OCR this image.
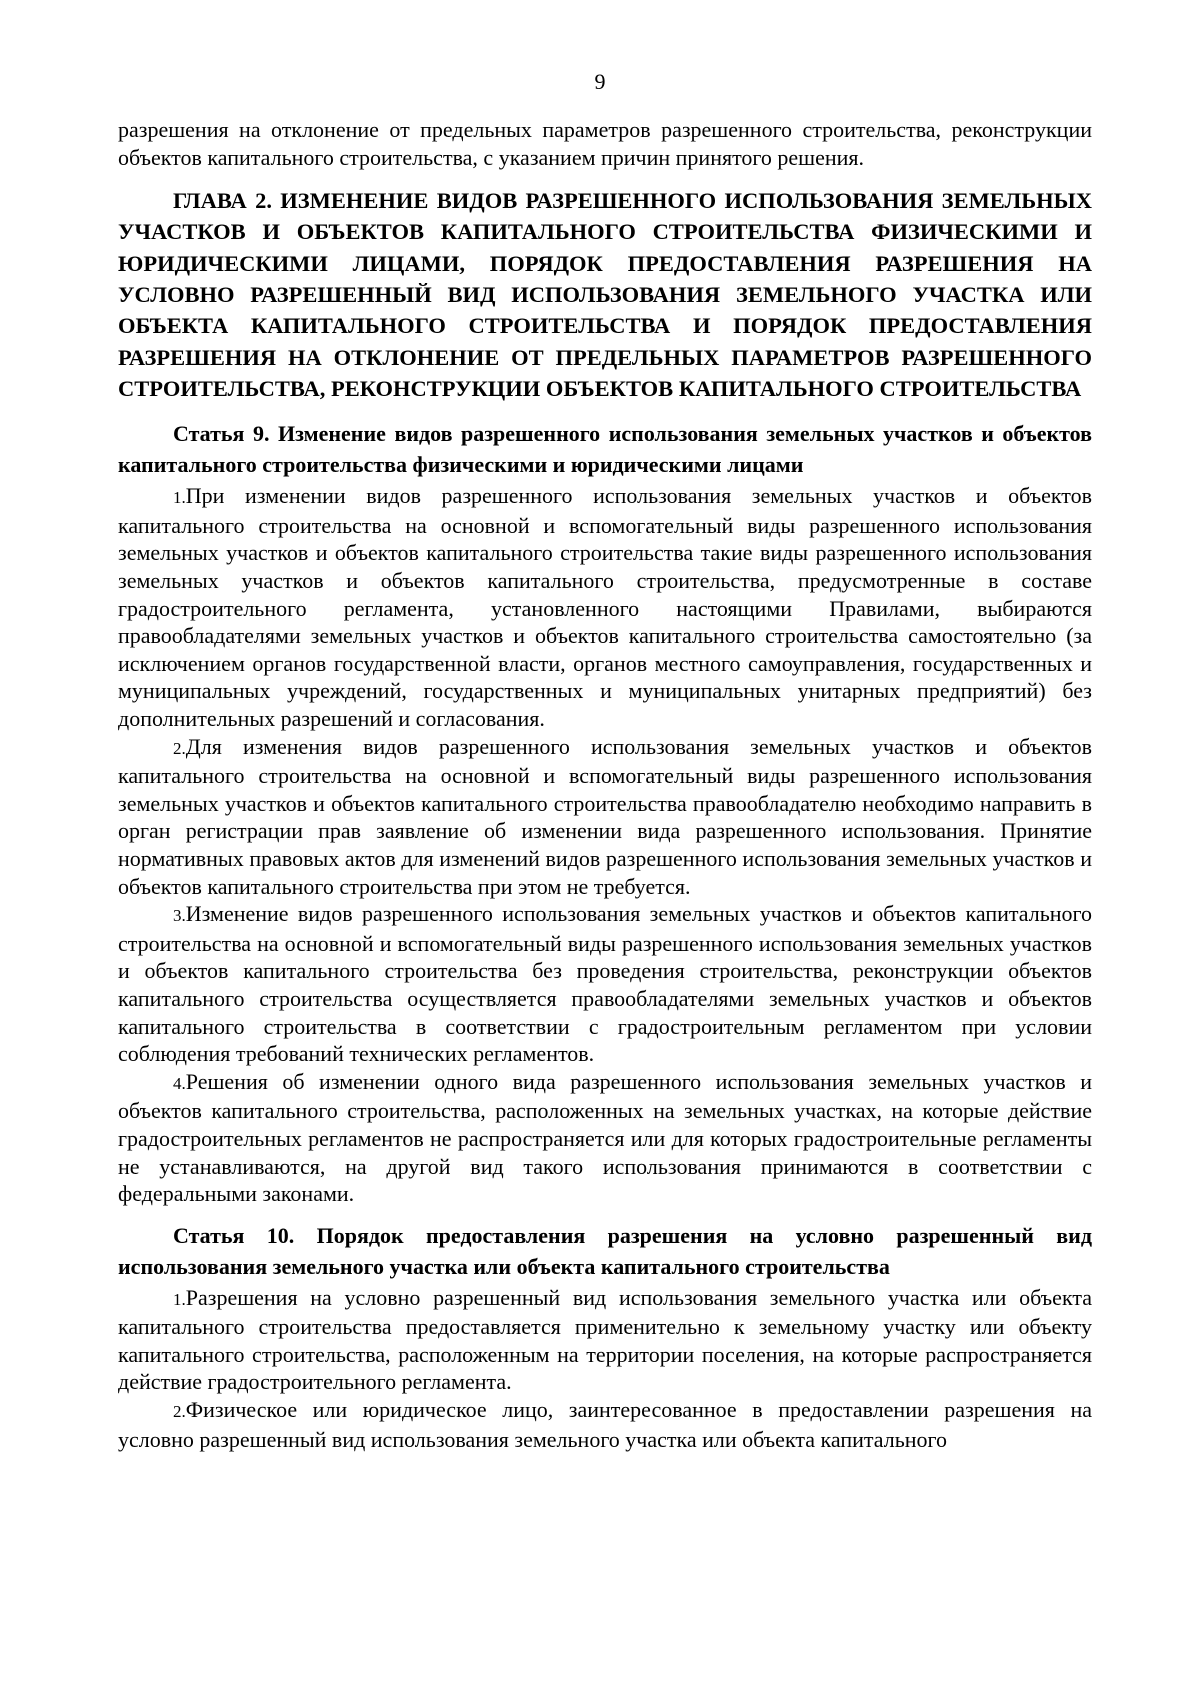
9

разрешения на отклонение от предельных параметров разрешенного строительства, реконструкции объектов капитального строительства, с указанием причин принятого решения.

ГЛАВА 2. ИЗМЕНЕНИЕ ВИДОВ РАЗРЕШЕННОГО ИСПОЛЬЗОВАНИЯ ЗЕМЕЛЬНЫХ УЧАСТКОВ И ОБЪЕКТОВ КАПИТАЛЬНОГО СТРОИТЕЛЬСТВА ФИЗИЧЕСКИМИ И ЮРИДИЧЕСКИМИ ЛИЦАМИ, ПОРЯДОК ПРЕДОСТАВЛЕНИЯ РАЗРЕШЕНИЯ НА УСЛОВНО РАЗРЕШЕННЫЙ ВИД ИСПОЛЬЗОВАНИЯ ЗЕМЕЛЬНОГО УЧАСТКА ИЛИ ОБЪЕКТА КАПИТАЛЬНОГО СТРОИТЕЛЬСТВА И ПОРЯДОК ПРЕДОСТАВЛЕНИЯ РАЗРЕШЕНИЯ НА ОТКЛОНЕНИЕ ОТ ПРЕДЕЛЬНЫХ ПАРАМЕТРОВ РАЗРЕШЕННОГО СТРОИТЕЛЬСТВА, РЕКОНСТРУКЦИИ ОБЪЕКТОВ КАПИТАЛЬНОГО СТРОИТЕЛЬСТВА

Статья 9. Изменение видов разрешенного использования земельных участков и объектов капитального строительства физическими и юридическими лицами

1.При изменении видов разрешенного использования земельных участков и объектов капитального строительства на основной и вспомогательный виды разрешенного использования земельных участков и объектов капитального строительства такие виды разрешенного использования земельных участков и объектов капитального строительства, предусмотренные в составе градостроительного регламента, установленного настоящими Правилами, выбираются правообладателями земельных участков и объектов капитального строительства самостоятельно (за исключением органов государственной власти, органов местного самоуправления, государственных и муниципальных учреждений, государственных и муниципальных унитарных предприятий) без дополнительных разрешений и согласования.

2.Для изменения видов разрешенного использования земельных участков и объектов капитального строительства на основной и вспомогательный виды разрешенного использования земельных участков и объектов капитального строительства правообладателю необходимо направить в орган регистрации прав заявление об изменении вида разрешенного использования. Принятие нормативных правовых актов для изменений видов разрешенного использования земельных участков и объектов капитального строительства при этом не требуется.

3.Изменение видов разрешенного использования земельных участков и объектов капитального строительства на основной и вспомогательный виды разрешенного использования земельных участков и объектов капитального строительства без проведения строительства, реконструкции объектов капитального строительства осуществляется правообладателями земельных участков и объектов капитального строительства в соответствии с градостроительным регламентом при условии соблюдения требований технических регламентов.

4.Решения об изменении одного вида разрешенного использования земельных участков и объектов капитального строительства, расположенных на земельных участках, на которые действие градостроительных регламентов не распространяется или для которых градостроительные регламенты не устанавливаются, на другой вид такого использования принимаются в соответствии с федеральными законами.

Статья 10. Порядок предоставления разрешения на условно разрешенный вид использования земельного участка или объекта капитального строительства

1.Разрешения на условно разрешенный вид использования земельного участка или объекта капитального строительства предоставляется применительно к земельному участку или объекту капитального строительства, расположенным на территории поселения, на которые распространяется действие градостроительного регламента.

2.Физическое или юридическое лицо, заинтересованное в предоставлении разрешения на условно разрешенный вид использования земельного участка или объекта капитального
